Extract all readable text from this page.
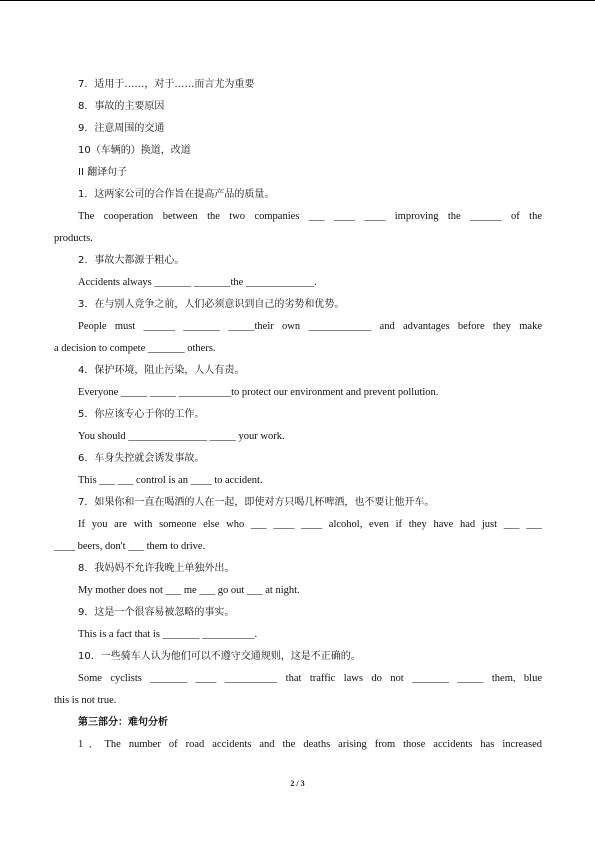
7．适用于……，对于……而言尤为重要
8．事故的主要原因
9．注意周围的交通
10（车辆的）换道，改道
II 翻译句子
1．这两家公司的合作旨在提高产品的质量。
The cooperation between the two companies ___ ____ ____ improving the ______ of the
products.
2．事故大都源于粗心。
Accidents always _______ _______the _____________.
3．在与别人竞争之前，人们必须意识到自己的劣势和优势。
People must ______ _______ _____their own ____________ and advantages before they make
a decision to compete _______ others.
4．保护环境，阻止污染，人人有责。
Everyone _____ _____ __________to protect our environment and prevent pollution.
5．你应该专心于你的工作。
You should _______________ _____ your work.
6．车身失控就会诱发事故。
This ___ ___ control is an ____ to accident.
7．如果你和一直在喝酒的人在一起，即使对方只喝几杯啤酒，也不要让他开车。
If you are with someone else who ___ ____ ____ alcohol, even if they have had just ___ ___
____ beers, don't ___ them to drive.
8．我妈妈不允许我晚上单独外出。
My mother does not ___ me ___ go out ___ at night.
9．这是一个很容易被忽略的事实。
This is a fact that is _______ __________.
10．一些骑车人认为他们可以不遵守交通规则，这是不正确的。
Some cyclists _______ ____ __________ that traffic laws do not _______ _____ them, blue
this is not true.
第三部分：难句分析
1．The number of road accidents and the deaths arising from those accidents has increased
2 / 3
